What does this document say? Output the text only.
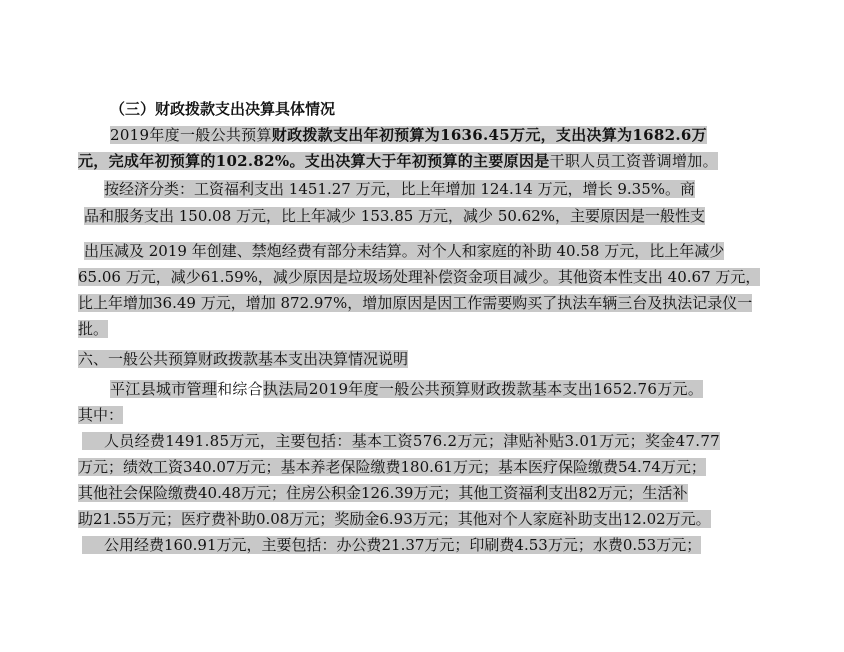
（三）财政拨款支出决算具体情况
2019年度一般公共预算财政拨款支出年初预算为1636.45万元，支出决算为1682.6万
元，完成年初预算的102.82%。支出决算大于年初预算的主要原因是干职人员工资普调增加。
按经济分类：工资福利支出 1451.27 万元，比上年增加 124.14 万元，增长 9.35%。商
品和服务支出 150.08 万元，比上年减少 153.85 万元，减少 50.62%，主要原因是一般性支
出压减及 2019 年创建、禁炮经费有部分未结算。对个人和家庭的补助 40.58 万元，比上年减少
65.06 万元，减少61.59%，减少原因是垃圾场处理补偿资金项目减少。其他资本性支出 40.67 万元，
比上年增加36.49 万元，增加 872.97%，增加原因是因工作需要购买了执法车辆三台及执法记录仪一
批。
六、一般公共预算财政拨款基本支出决算情况说明
平江县城市管理和综合执法局2019年度一般公共预算财政拨款基本支出1652.76万元。
其中：
人员经费1491.85万元，主要包括：基本工资576.2万元；津贴补贴3.01万元；奖金47.77
万元；绩效工资340.07万元；基本养老保险缴费180.61万元；基本医疗保险缴费54.74万元；
其他社会保险缴费40.48万元；住房公积金126.39万元；其他工资福利支出82万元；生活补
助21.55万元；医疗费补助0.08万元；奖励金6.93万元；其他对个人家庭补助支出12.02万元。
公用经费160.91万元，主要包括：办公费21.37万元；印刷费4.53万元；水费0.53万元；
